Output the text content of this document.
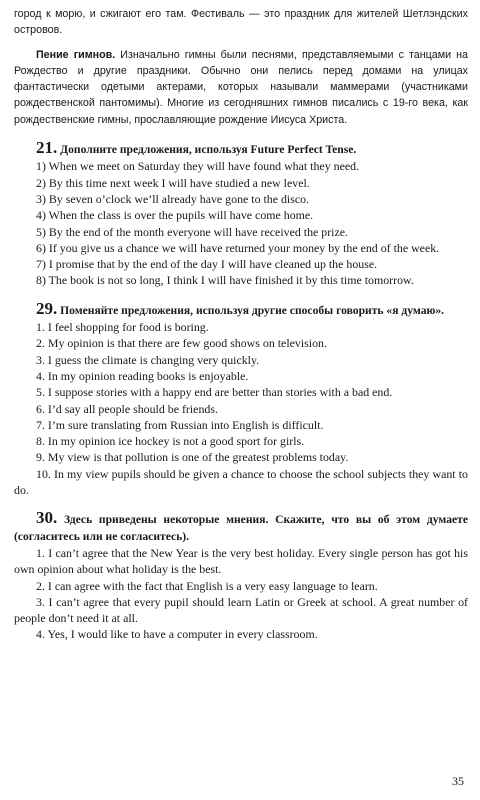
город к морю, и сжигают его там. Фестиваль — это праздник для жителей Шетлэндских островов.

Пение гимнов. Изначально гимны были песнями, представляемыми с танцами на Рождество и другие праздники. Обычно они пелись перед домами на улицах фантастически одетыми актерами, которых называли маммерами (участниками рождественской пантомимы). Многие из сегодняшних гимнов писались с 19-го века, как рождественские гимны, прославляющие рождение Иисуса Христа.

21. Дополните предложения, используя Future Perfect Tense.

1) When we meet on Saturday they will have found what they need.

2) By this time next week I will have studied a new level.

3) By seven o’clock we’ll already have gone to the disco.

4) When the class is over the pupils will have come home.

5) By the end of the month everyone will have received the prize.

6) If you give us a chance we will have returned your money by the end of the week.

7) I promise that by the end of the day I will have cleaned up the house.

8) The book is not so long, I think I will have finished it by this time tomorrow.

29. Поменяйте предложения, используя другие способы говорить «я думаю».

1. I feel shopping for food is boring.

2. My opinion is that there are few good shows on television.

3. I guess the climate is changing very quickly.

4. In my opinion reading books is enjoyable.

5. I suppose stories with a happy end are better than stories with a bad end.

6. I’d say all people should be friends.

7. I’m sure translating from Russian into English is difficult.

8. In my opinion ice hockey is not a good sport for girls.

9. My view is that pollution is one of the greatest problems today.

10. In my view pupils should be given a chance to choose the school subjects they want to do.

30. Здесь приведены некоторые мнения. Скажите, что вы об этом думаете (согласитесь или не согласитесь).

1. I can’t agree that the New Year is the very best holiday. Every single person has got his own opinion about what holiday is the best.

2. I can agree with the fact that English is a very easy language to learn.

3. I can’t agree that every pupil should learn Latin or Greek at school. A great number of people don’t need it at all.

4. Yes, I would like to have a computer in every classroom.

35
